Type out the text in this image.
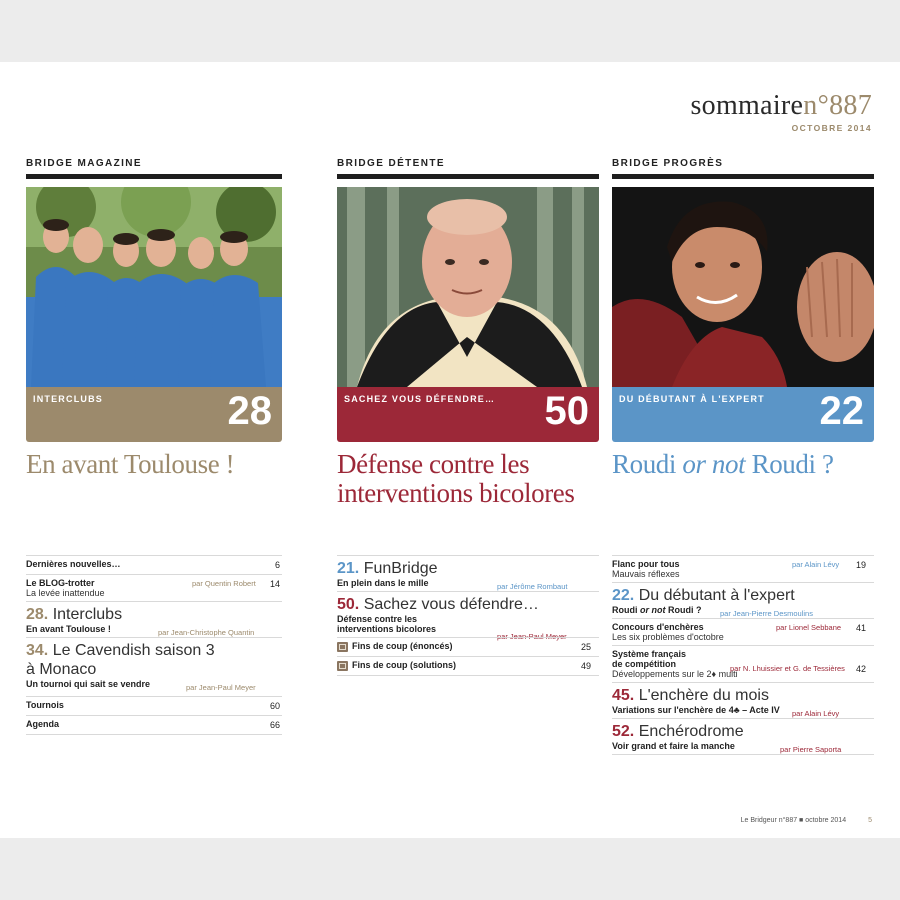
sommairen°887
OCTOBRE 2014
BRIDGE MAGAZINE
INTERCLUBS	28
En avant Toulouse !
BRIDGE DÉTENTE
SACHEZ VOUS DÉFENDRE… 50
Défense contre les
interventions bicolores
BRIDGE PROGRÈS
DU DÉBUTANT À L'EXPERT 22
Roudi or not Roudi ?
Dernières nouvelles…	6
Le BLOG-trotter	par Quentin Robert 14
La levée inattendue
28. Interclubs
En avant Toulouse !	par Jean-Christophe Quantin
34. Le Cavendish saison 3
à Monaco
Un tournoi qui sait se vendre	par Jean-Paul Meyer
Tournois	60
Agenda	66
21. FunBridge
En plein dans le mille	par Jérôme Rombaut
50. Sachez vous défendre…
Défense contre les
interventions bicolores
par Jean-Paul Meyer
Fins de coup (énoncés)	25
Fins de coup (solutions)	49
Flanc pour tous	par Alain Lévy 19
Mauvais réflexes
22. Du débutant à l'expert
Roudi or not Roudi ?	par Jean-Pierre Desmoulins
Concours d'enchères	par Lionel Sebbane 41
Les six problèmes d'octobre
Système français
de compétition	par N. Lhuissier et G. de Tessières 42
Développements sur le 2♦ multi
45. L'enchère du mois
Variations sur l'enchère de 4♣ – Acte IV	par Alain Lévy
52. Enchérodrome
Voir grand et faire la manche	par Pierre Saporta
Le Bridgeur n°887 ■ octobre 2014	5
